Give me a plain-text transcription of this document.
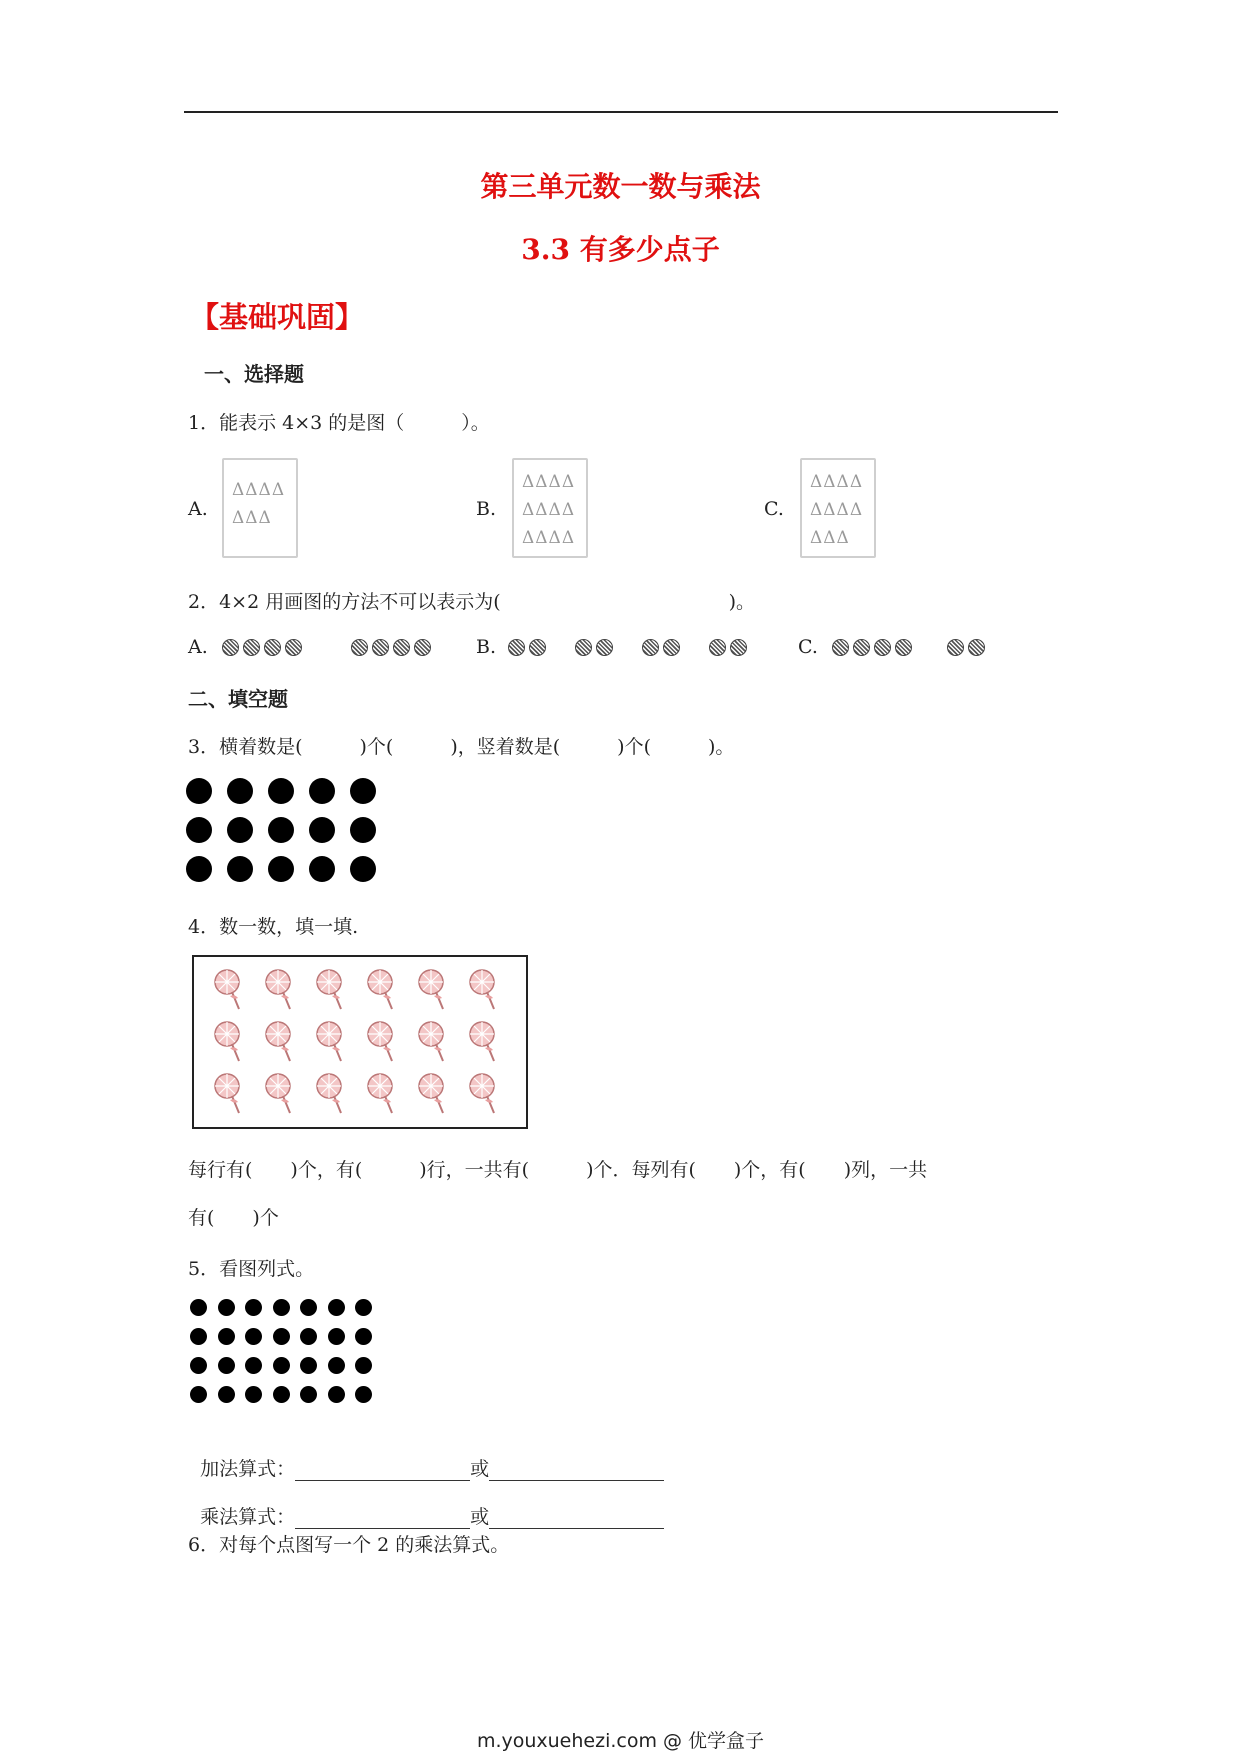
第三单元数一数与乘法
3.3 有多少点子
【基础巩固】
一、选择题
1．能表示 4×3 的是图（　　　）。
A.
ΔΔΔΔ
ΔΔΔ	B.
ΔΔΔΔ
ΔΔΔΔ
ΔΔΔΔ
C.
ΔΔΔΔ
ΔΔΔΔ
ΔΔΔ
2．4×2 用画图的方法不可以表示为(　　　　　　　　　　　　)。
A.
	B.

	C.

二、填空题
3．横着数是(　　　)个(　　　)，竖着数是(　　　)个(　　　)。
4．数一数，填一填.
每行有(　　)个，有(　　　)行，一共有(　　　)个．每列有(　　)个，有(　　)列，一共
有(　　)个
5．看图列式。

加法算式：	或

乘法算式：	或

6．对每个点图写一个 2 的乘法算式。
m.youxuehezi.com @ 优学盒子
